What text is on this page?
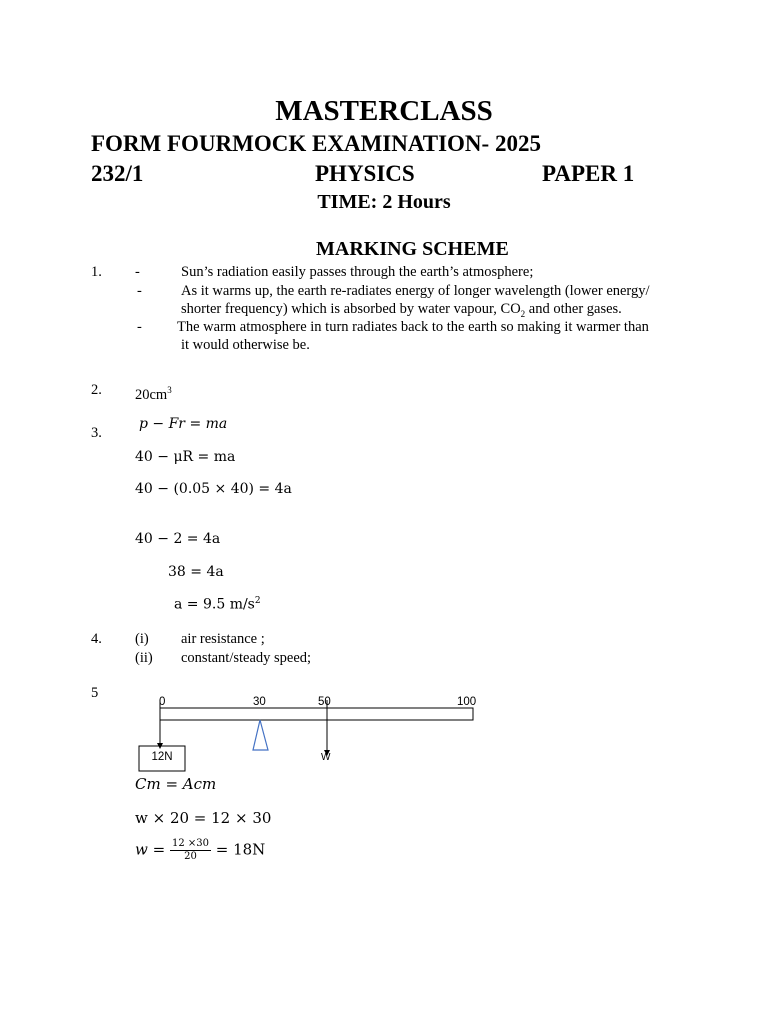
MASTERCLASS
FORM FOURMOCK EXAMINATION- 2025
232/1	PHYSICS	PAPER 1
TIME: 2 Hours
MARKING SCHEME
1. -	Sun’s radiation easily passes through the earth’s atmosphere;
-	As it warms up, the earth re-radiates energy of longer wavelength (lower energy/
shorter frequency) which is absorbed by water vapour, $CO_2$ and other gases.
- The warm atmosphere in turn radiates back to the earth so making it warmer than
it would otherwise be.
2. $20cm^3$
3.
p − Fr = ma
40 − μR = ma
40 − (0.05 × 40) = 4a
40 − 2 = 4a
38 = 4a
a = 9.5 $m/s^2$
4. (i) air resistance ;
(ii) constant/steady speed;
5
0	30	50	100
12N	W
Cm = Acm
w × 20 = 12 × 30
$w = \frac{12 \times 30}{20} = 18N$
